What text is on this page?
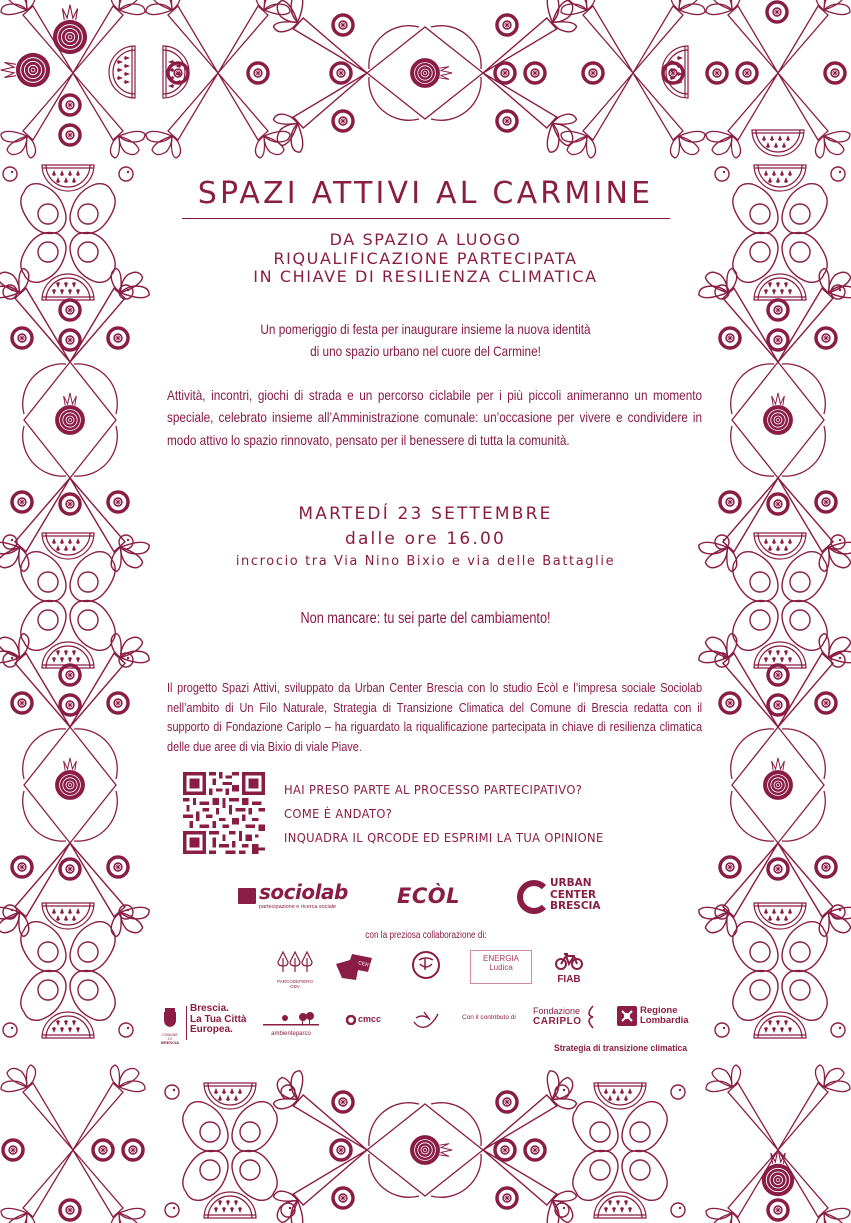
SPAZI ATTIVI AL CARMINE
DA SPAZIO A LUOGO
RIQUALIFICAZIONE PARTECIPATA
IN CHIAVE DI RESILIENZA CLIMATICA
Un pomeriggio di festa per inaugurare insieme la nuova identità
di uno spazio urbano nel cuore del Carmine!

Attività, incontri, giochi di strada e un percorso ciclabile per i più piccoli animeranno un momento speciale, celebrato insieme all’Amministrazione comunale: un’occasione per vivere e condividere in modo attivo lo spazio rinnovato, pensato per il benessere di tutta la comunità.

MARTEDÍ 23 SETTEMBRE
dalle ore 16.00
incrocio tra Via Nino Bixio e via delle Battaglie
Non mancare: tu sei parte del cambiamento!

Il progetto Spazi Attivi, sviluppato da Urban Center Brescia con lo studio Ecòl e l’impresa sociale Sociolab nell’ambito di Un Filo Naturale, Strategia di Transizione Climatica del Comune di Brescia redatta con il supporto di Fondazione Cariplo – ha riguardato la riqualificazione partecipata in chiave di resilienza climatica delle due aree di via Bixio di viale Piave.

HAI PRESO PARTE AL PROCESSO PARTECIPATIVO?
COME È ANDATO?
INQUADRA IL QRCODE ED ESPRIMI LA TUA OPINIONE
sociolab
partecipazione e ricerca sociale	ECÒL
URBAN
CENTER
BRESCIA
con la preziosa collaborazione di:
PARCODEPIERO
ODV
CERTO
ENERGIA
Ludica
FIAB
COMUNE DI
BRESCIA
Brescia.
La Tua Città
Europea.	ambienteparco
cmcc	Con il contributo di
Fondazione
CARIPLO
Regione
Lombardia
Strategia di transizione climatica
